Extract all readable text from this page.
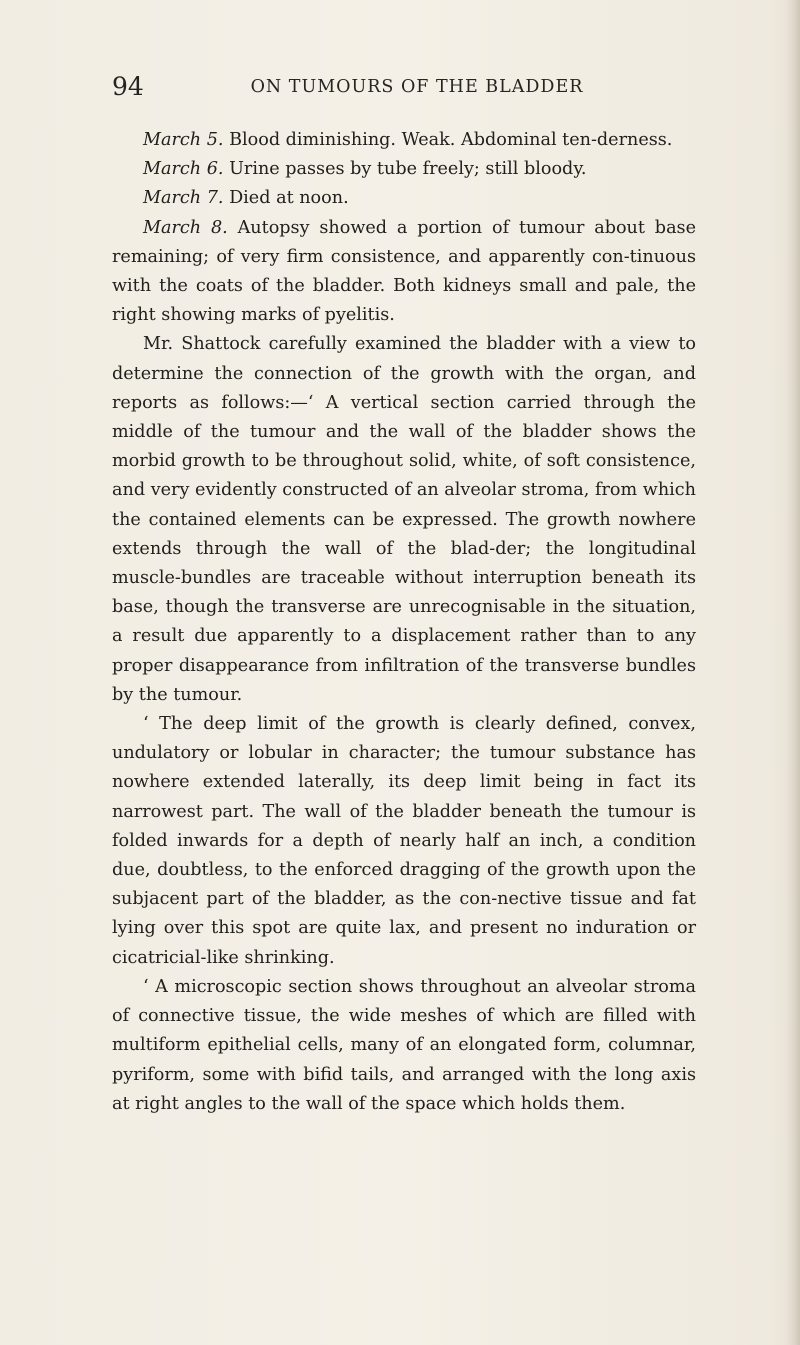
94	ON TUMOURS OF THE BLADDER

March 5. Blood diminishing. Weak. Abdominal ten-derness.

March 6. Urine passes by tube freely; still bloody.

March 7. Died at noon.

March 8. Autopsy showed a portion of tumour about base remaining; of very firm consistence, and apparently con-tinuous with the coats of the bladder. Both kidneys small and pale, the right showing marks of pyelitis.

Mr. Shattock carefully examined the bladder with a view to determine the connection of the growth with the organ, and reports as follows:—‘ A vertical section carried through the middle of the tumour and the wall of the bladder shows the morbid growth to be throughout solid, white, of soft consistence, and very evidently constructed of an alveolar stroma, from which the contained elements can be expressed. The growth nowhere extends through the wall of the blad-der; the longitudinal muscle-bundles are traceable without interruption beneath its base, though the transverse are unrecognisable in the situation, a result due apparently to a displacement rather than to any proper disappearance from infiltration of the transverse bundles by the tumour.

‘ The deep limit of the growth is clearly defined, convex, undulatory or lobular in character; the tumour substance has nowhere extended laterally, its deep limit being in fact its narrowest part. The wall of the bladder beneath the tumour is folded inwards for a depth of nearly half an inch, a condition due, doubtless, to the enforced dragging of the growth upon the subjacent part of the bladder, as the con-nective tissue and fat lying over this spot are quite lax, and present no induration or cicatricial-like shrinking.

‘ A microscopic section shows throughout an alveolar stroma of connective tissue, the wide meshes of which are filled with multiform epithelial cells, many of an elongated form, columnar, pyriform, some with bifid tails, and arranged with the long axis at right angles to the wall of the space which holds them.
